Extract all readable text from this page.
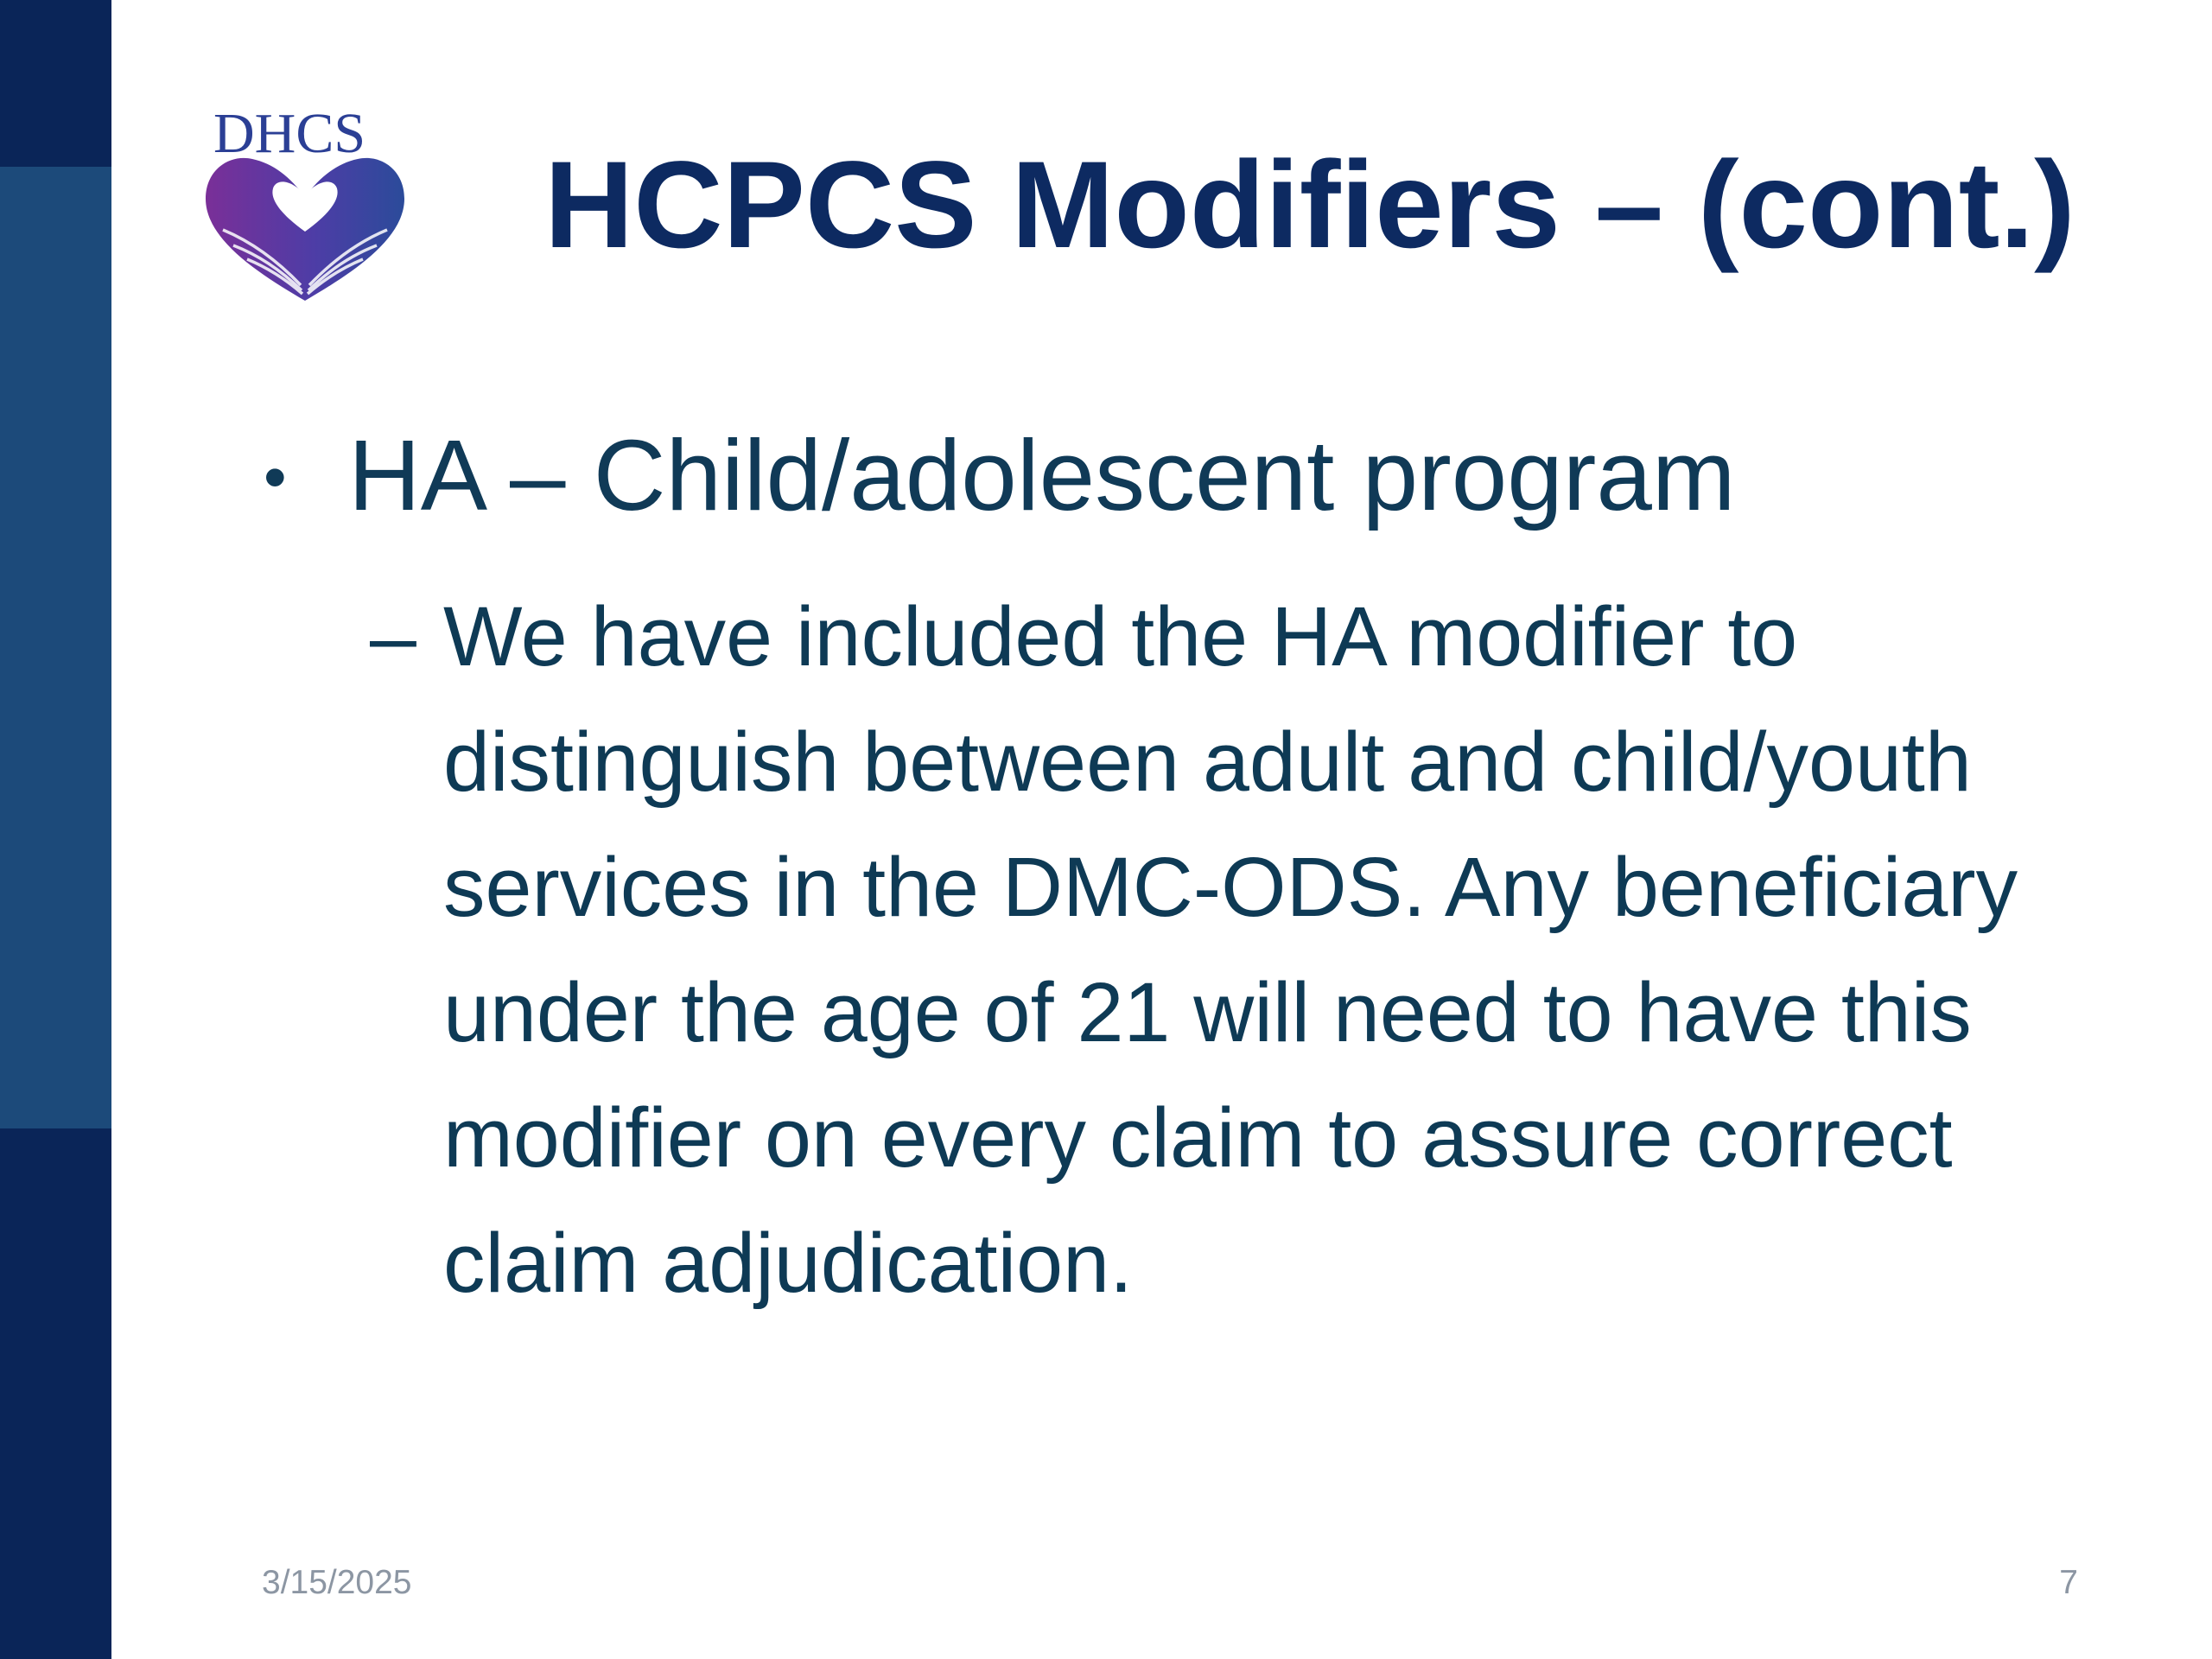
DHCS
HCPCS Modifiers – (cont.)
• HA – Child/adolescent program
– We have included the HA modifier to
distinguish between adult and child/youth
services in the DMC-ODS. Any beneficiary
under the age of 21 will need to have this
modifier on every claim to assure correct
claim adjudication.
3/15/2025	7
